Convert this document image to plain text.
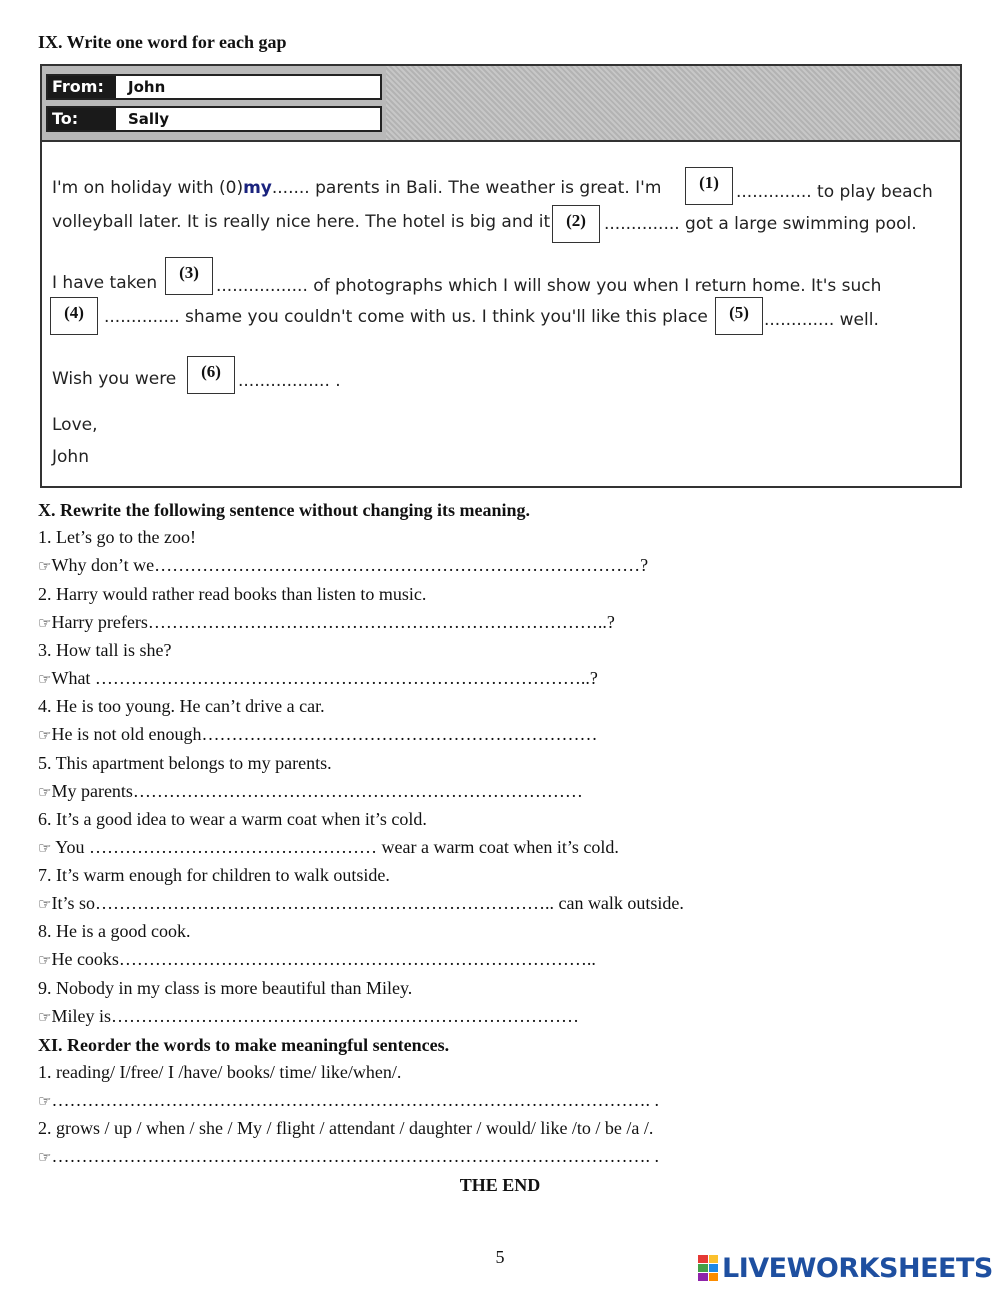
IX. Write one word for each gap
From:	John
To:	Sally
I'm on holiday with (0)my....... parents in Bali. The weather is great. I'm	.............. to play beach
volleyball later. It is really nice here. The hotel is big and it	.............. got a large swimming pool.
I have taken	................. of photographs which I will show you when I return home. It's such
.............. shame you couldn't come with us. I think you'll like this place	............. well.
Wish you were	................. .
Love,
John
(1)
(2)
(3)
(4)	(5)
(6)
X. Rewrite the following sentence without changing its meaning.
1. Let’s go to the zoo!
☞Why don’t we………………………………………………………………………?
2. Harry would rather read books than listen to music.
☞Harry prefers…………………………………………………………………..?
3. How tall is she?
☞What ………………………………………………………………………..?
4. He is too young. He can’t drive a car.
☞He is not old enough…………………………………………………………
5. This apartment belongs to my parents.
☞My parents…………………………………………………………………
6. It’s a good idea to wear a warm coat when it’s cold.
☞ You ………………………………………… wear a warm coat when it’s cold.
7. It’s warm enough for children to walk outside.
☞It’s so………………………………………………………………….. can walk outside.
8. He is a good cook.
☞He cooks……………………………………………………………………..
9. Nobody in my class is more beautiful than Miley.
☞Miley is……………………………………………………………………
XI. Reorder the words to make meaningful sentences.
1. reading/ I/free/ I /have/ books/ time/ like/when/.
☞………………………………………………………………………………………. .
2. grows / up / when / she / My / flight / attendant / daughter / would/ like /to / be /a /.
☞………………………………………………………………………………………. .
THE END
5	LIVEWORKSHEETS
